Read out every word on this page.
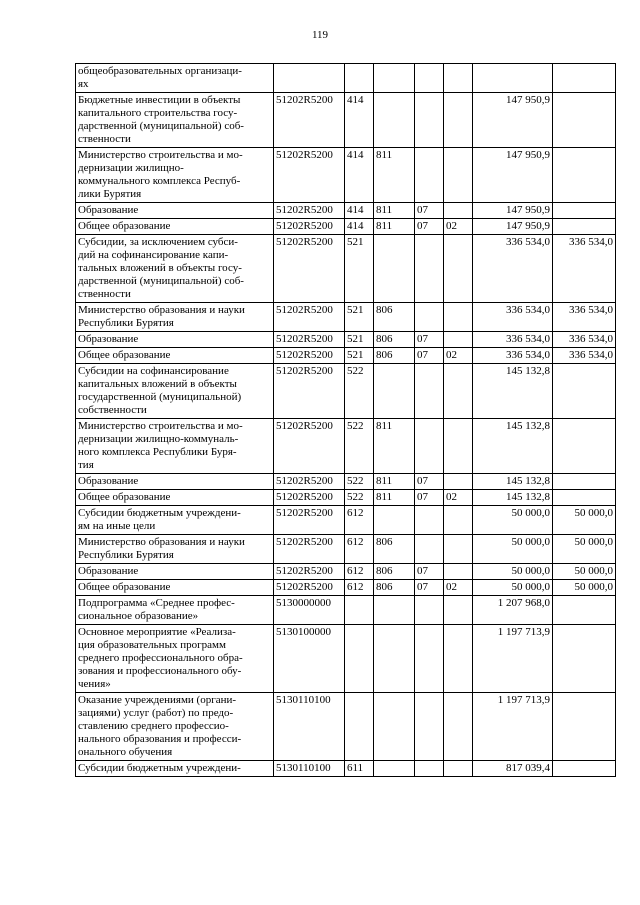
119
общеобразовательных организаци-
ях							
Бюджетные инвестиции в объекты
капитального строительства госу-
дарственной (муниципальной) соб-
ственности	51202R5200	414				147 950,9	
Министерство строительства и мо-
дернизации жилищно-
коммунального комплекса Респуб-
лики Бурятия	51202R5200	414	811			147 950,9	
Образование	51202R5200	414	811	07		147 950,9	
Общее образование	51202R5200	414	811	07	02	147 950,9	
Субсидии, за исключением субси-
дий на софинансирование капи-
тальных вложений в объекты госу-
дарственной (муниципальной) соб-
ственности	51202R5200	521				336 534,0	336 534,0
Министерство образования и науки
Республики Бурятия	51202R5200	521	806			336 534,0	336 534,0
Образование	51202R5200	521	806	07		336 534,0	336 534,0
Общее образование	51202R5200	521	806	07	02	336 534,0	336 534,0
Субсидии на софинансирование
капитальных вложений в объекты
государственной (муниципальной)
собственности	51202R5200	522				145 132,8	
Министерство строительства и мо-
дернизации жилищно-коммуналь-
ного комплекса Республики Буря-
тия	51202R5200	522	811			145 132,8	
Образование	51202R5200	522	811	07		145 132,8	
Общее образование	51202R5200	522	811	07	02	145 132,8	
Субсидии бюджетным учреждени-
ям на иные цели	51202R5200	612				50 000,0	50 000,0
Министерство образования и науки
Республики Бурятия	51202R5200	612	806			50 000,0	50 000,0
Образование	51202R5200	612	806	07		50 000,0	50 000,0
Общее образование	51202R5200	612	806	07	02	50 000,0	50 000,0
Подпрограмма «Среднее профес-
сиональное образование»	5130000000					1 207 968,0	
Основное мероприятие «Реализа-
ция образовательных программ
среднего профессионального обра-
зования и профессионального обу-
чения»	5130100000					1 197 713,9	
Оказание учреждениями (органи-
зациями) услуг (работ) по предо-
ставлению среднего профессио-
нального образования и професси-
онального обучения	5130110100					1 197 713,9	
Субсидии бюджетным учреждени-	5130110100	611				817 039,4	
